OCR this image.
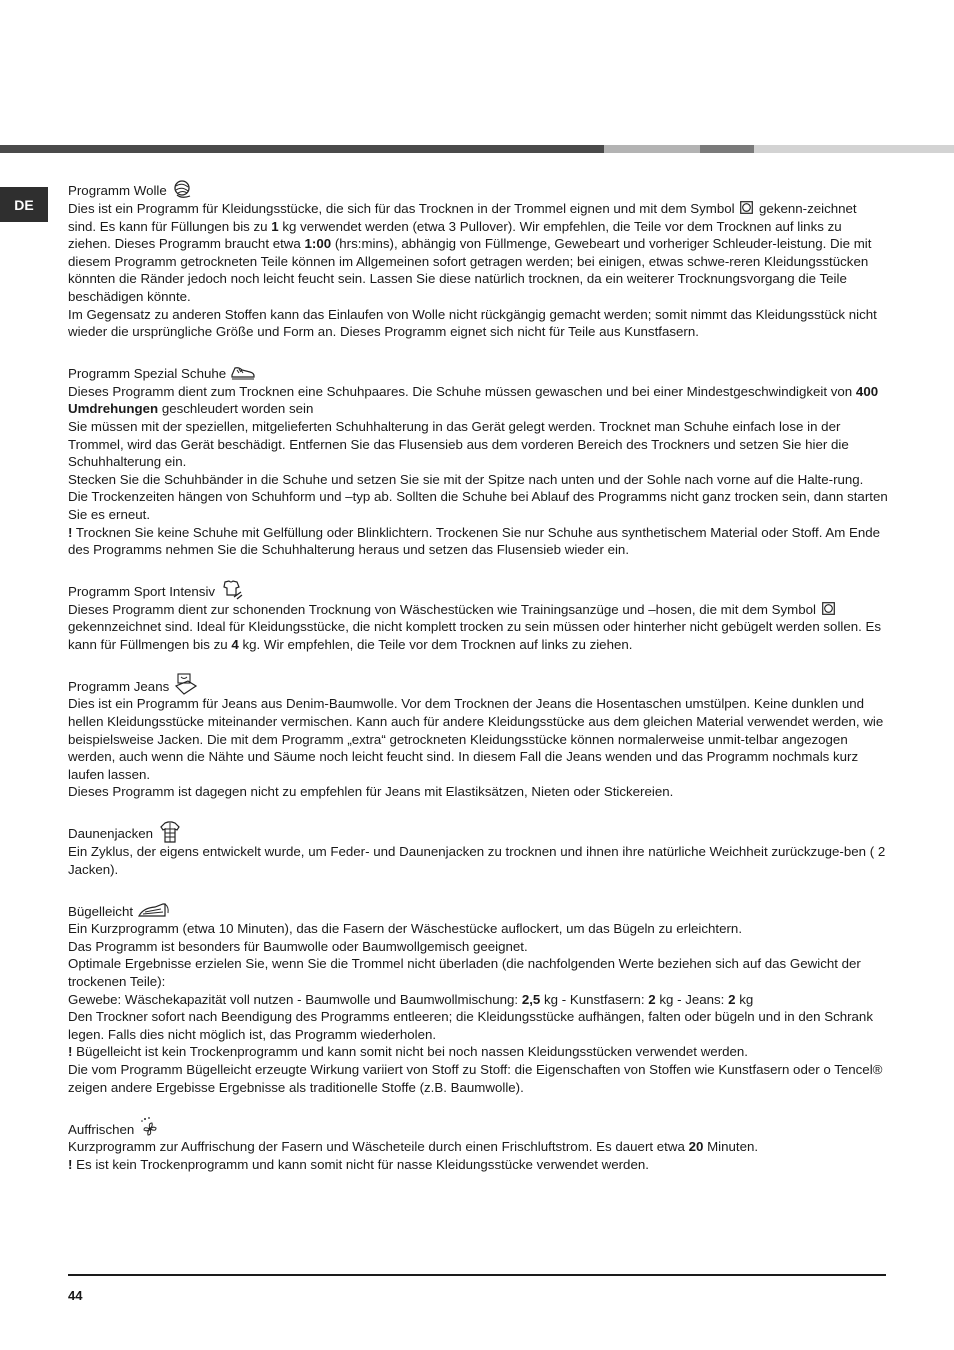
DE
Programm Wolle

Dies ist ein Programm für Kleidungsstücke, die sich für das Trocknen in der Trommel eignen und mit dem Symbol gekenn-zeichnet sind. Es kann für Füllungen bis zu 1 kg verwendet werden (etwa 3 Pullover). Wir empfehlen, die Teile vor dem Trocknen auf links zu ziehen. Dieses Programm braucht etwa 1:00 (hrs:mins), abhängig von Füllmenge, Gewebeart und vorheriger Schleuder-leistung. Die mit diesem Programm getrockneten Teile können im Allgemeinen sofort getragen werden; bei einigen, etwas schwe-reren Kleidungsstücken könnten die Ränder jedoch noch leicht feucht sein. Lassen Sie diese natürlich trocknen, da ein weiterer Trocknungsvorgang die Teile beschädigen könnte.

Im Gegensatz zu anderen Stoffen kann das Einlaufen von Wolle nicht rückgängig gemacht werden; somit nimmt das Kleidungsstück nicht wieder die ursprüngliche Größe und Form an. Dieses Programm eignet sich nicht für Teile aus Kunstfasern.

Programm Spezial Schuhe

Dieses Programm dient zum Trocknen eine Schuhpaares. Die Schuhe müssen gewaschen und bei einer Mindestgeschwindigkeit von 400 Umdrehungen geschleudert worden sein

Sie müssen mit der speziellen, mitgelieferten Schuhhalterung in das Gerät gelegt werden. Trocknet man Schuhe einfach lose in der Trommel, wird das Gerät beschädigt. Entfernen Sie das Flusensieb aus dem vorderen Bereich des Trockners und setzen Sie hier die Schuhhalterung ein.

Stecken Sie die Schuhbänder in die Schuhe und setzen Sie sie mit der Spitze nach unten und der Sohle nach vorne auf die Halte-rung.

Die Trockenzeiten hängen von Schuhform und –typ ab. Sollten die Schuhe bei Ablauf des Programms nicht ganz trocken sein, dann starten Sie es erneut.

! Trocknen Sie keine Schuhe mit Gelfüllung oder Blinklichtern. Trockenen Sie nur Schuhe aus synthetischem Material oder Stoff. Am Ende des Programms nehmen Sie die Schuhhalterung heraus und setzen das Flusensieb wieder ein.

Programm Sport Intensiv

Dieses Programm dient zur schonenden Trocknung von Wäschestücken wie Trainingsanzüge und –hosen, die mit dem Symbol  gekennzeichnet sind. Ideal für Kleidungsstücke, die nicht komplett trocken zu sein müssen oder hinterher nicht gebügelt werden sollen. Es kann für Füllmengen bis zu 4 kg. Wir empfehlen, die Teile vor dem Trocknen auf links zu ziehen.

Programm Jeans

Dies ist ein Programm für Jeans aus Denim-Baumwolle. Vor dem Trocknen der Jeans die Hosentaschen umstülpen. Keine dunklen und hellen Kleidungsstücke miteinander vermischen. Kann auch für andere Kleidungsstücke aus dem gleichen Material verwendet werden, wie beispielsweise Jacken. Die mit dem Programm „extra“ getrockneten Kleidungsstücke können normalerweise unmit-telbar angezogen werden, auch wenn die Nähte und Säume noch leicht feucht sind. In diesem Fall die Jeans wenden und das Programm nochmals kurz laufen lassen.

Dieses Programm ist dagegen nicht zu empfehlen für Jeans mit Elastiksätzen, Nieten oder Stickereien.

Daunenjacken

Ein Zyklus, der eigens entwickelt wurde, um Feder- und Daunenjacken zu trocknen und ihnen ihre natürliche Weichheit zurückzuge-ben ( 2 Jacken).

Bügelleicht

Ein Kurzprogramm (etwa 10 Minuten), das die Fasern der Wäschestücke auflockert, um das Bügeln zu erleichtern.

Das Programm ist besonders für Baumwolle oder Baumwollgemisch geeignet.

Optimale Ergebnisse erzielen Sie, wenn Sie die Trommel nicht überladen (die nachfolgenden Werte beziehen sich auf das Gewicht der trockenen Teile):

Gewebe: Wäschekapazität voll nutzen - Baumwolle und Baumwollmischung: 2,5 kg - Kunstfasern: 2 kg - Jeans: 2 kg

Den Trockner sofort nach Beendigung des Programms entleeren; die Kleidungsstücke aufhängen, falten oder bügeln und in den Schrank legen. Falls dies nicht möglich ist, das Programm wiederholen.

! Bügelleicht ist kein Trockenprogramm und kann somit nicht bei noch nassen Kleidungsstücken verwendet werden.

Die vom Programm Bügelleicht erzeugte Wirkung variiert von Stoff zu Stoff: die Eigenschaften von Stoffen wie Kunstfasern oder o Tencel® zeigen andere Ergebisse Ergebnisse als traditionelle Stoffe (z.B. Baumwolle).

Auffrischen

Kurzprogramm zur Auffrischung der Fasern und Wäscheteile durch einen Frischluftstrom. Es dauert etwa 20 Minuten.

! Es ist kein Trockenprogramm und kann somit nicht für nasse Kleidungsstücke verwendet werden.

44
